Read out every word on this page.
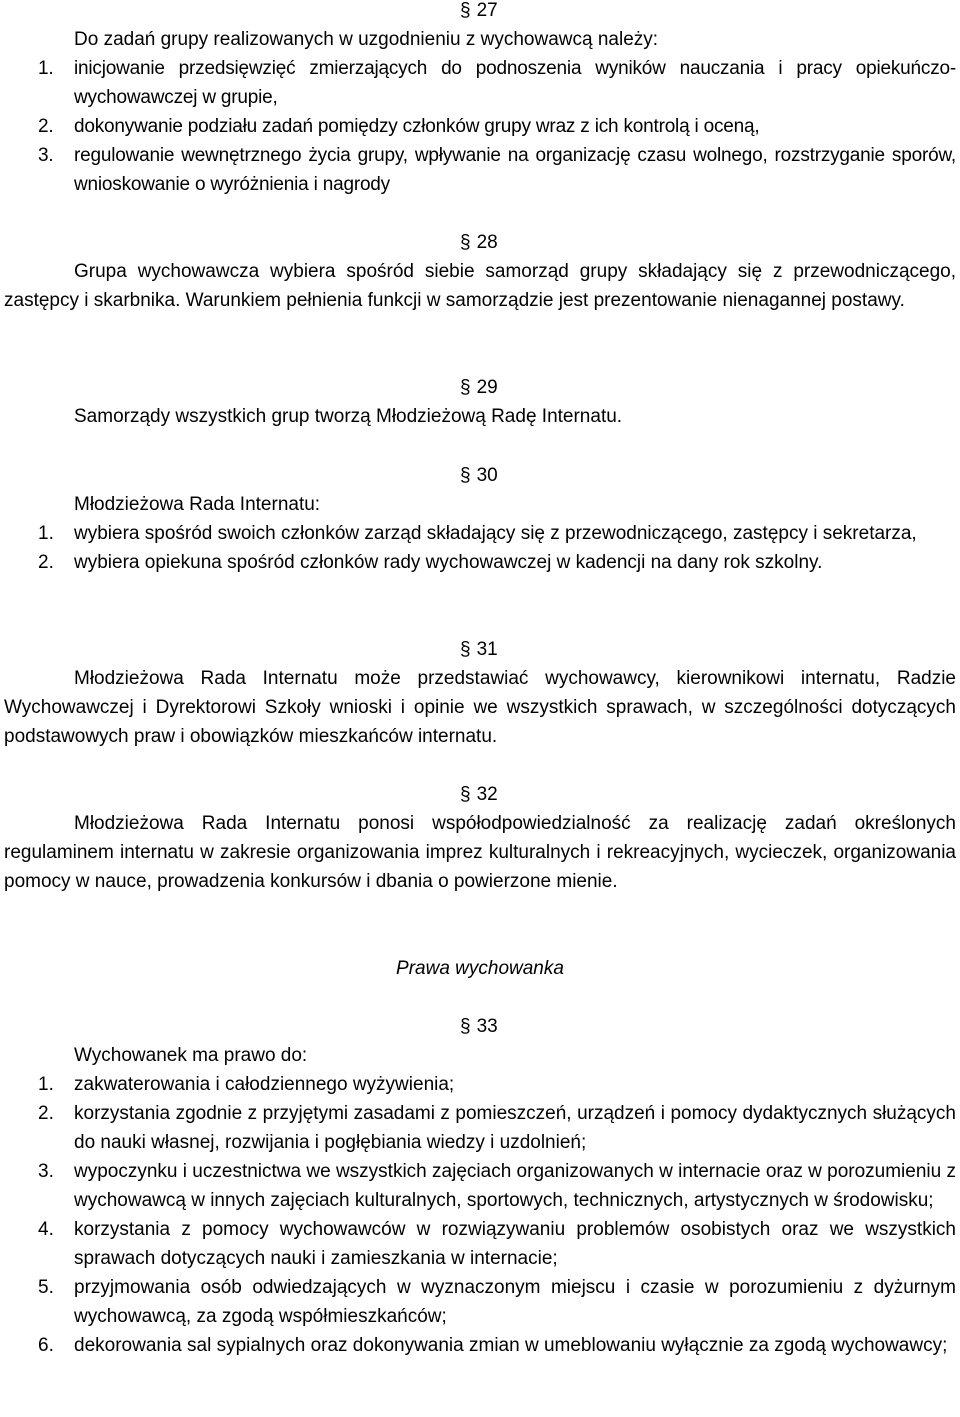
§ 27
Do zadań grupy realizowanych w uzgodnieniu z wychowawcą należy:
1. inicjowanie przedsięwzięć zmierzających do podnoszenia wyników nauczania i pracy opiekuńczo-wychowawczej w grupie,
2. dokonywanie podziału zadań pomiędzy członków grupy wraz z ich kontrolą i oceną,
3. regulowanie wewnętrznego życia grupy, wpływanie na organizację czasu wolnego, rozstrzyganie sporów, wnioskowanie o wyróżnienia i nagrody
§ 28
Grupa wychowawcza wybiera spośród siebie samorząd grupy składający się z przewodniczącego, zastępcy i skarbnika. Warunkiem pełnienia funkcji w samorządzie jest prezentowanie nienagannej postawy.
§ 29
Samorządy wszystkich grup tworzą Młodzieżową Radę Internatu.
§ 30
Młodzieżowa Rada Internatu:
1. wybiera spośród swoich członków zarząd składający się z przewodniczącego, zastępcy i sekretarza,
2. wybiera opiekuna spośród członków rady wychowawczej w kadencji na dany rok szkolny.
§ 31
Młodzieżowa Rada Internatu może przedstawiać wychowawcy, kierownikowi internatu, Radzie Wychowawczej i Dyrektorowi Szkoły wnioski i opinie we wszystkich sprawach, w szczególności dotyczących podstawowych praw i obowiązków mieszkańców internatu.
§ 32
Młodzieżowa Rada Internatu ponosi współodpowiedzialność za realizację zadań określonych regulaminem internatu w zakresie organizowania imprez kulturalnych i rekreacyjnych, wycieczek, organizowania pomocy w nauce, prowadzenia konkursów i dbania o powierzone mienie.
Prawa wychowanka
§ 33
Wychowanek ma prawo do:
1. zakwaterowania i całodziennego wyżywienia;
2. korzystania zgodnie z przyjętymi zasadami z pomieszczeń, urządzeń i pomocy dydaktycznych służących do nauki własnej, rozwijania i pogłębiania wiedzy i uzdolnień;
3. wypoczynku i uczestnictwa we wszystkich zajęciach organizowanych w internacie oraz w porozumieniu z wychowawcą w innych zajęciach kulturalnych, sportowych, technicznych, artystycznych w środowisku;
4. korzystania z pomocy wychowawców w rozwiązywaniu problemów osobistych oraz we wszystkich sprawach dotyczących nauki i zamieszkania w internacie;
5. przyjmowania osób odwiedzających w wyznaczonym miejscu i czasie w porozumieniu z dyżurnym wychowawcą, za zgodą współmieszkańców;
6. dekorowania sal sypialnych oraz dokonywania zmian w umeblowaniu wyłącznie za zgodą wychowawcy;
